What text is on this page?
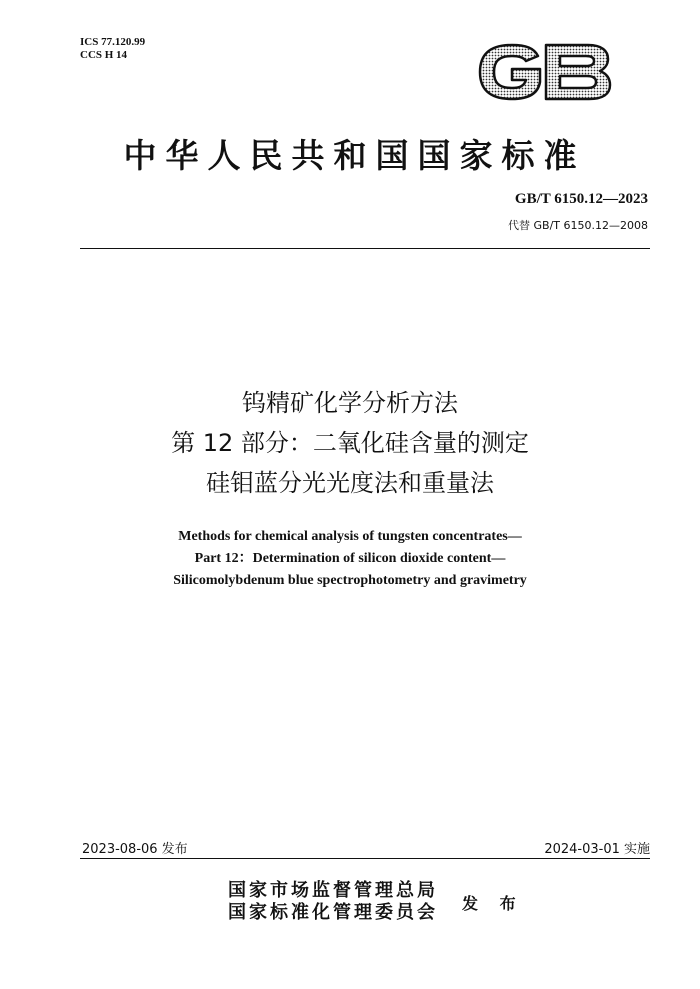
ICS 77.120.99
CCS H 14
中华人民共和国国家标准
GB/T 6150.12—2023
代替 GB/T 6150.12—2008
钨精矿化学分析方法
第 12 部分：二氧化硅含量的测定
硅钼蓝分光光度法和重量法
Methods for chemical analysis of tungsten concentrates—
Part 12：Determination of silicon dioxide content—
Silicomolybdenum blue spectrophotometry and gravimetry
2023-08-06 发布	2024-03-01 实施
国家市场监督管理总局
国家标准化管理委员会 发 布
